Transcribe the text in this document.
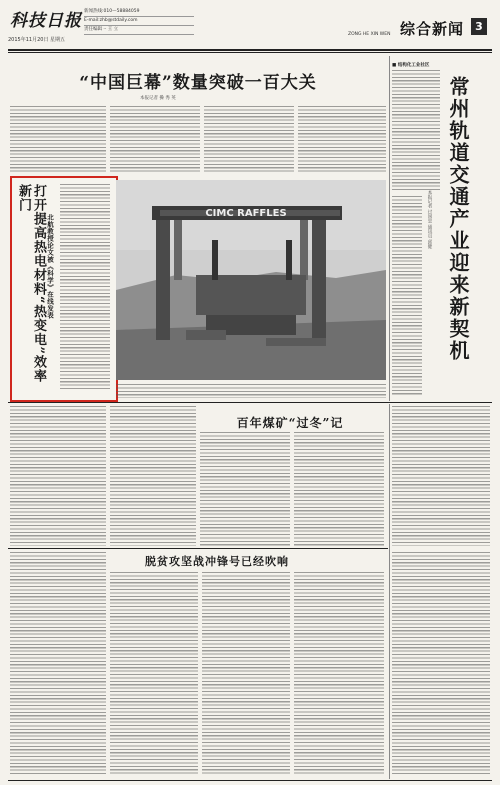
科技日报
2015年11月20日 星期五
新闻热线:010—58884059
E-mail:zhb@stdaily.com
责任编辑 ·· 王 立
ZONG HE XIN WEN 综合新闻	3
“中国巨幕”数量突破一百大关
本报记者 操 秀 英
打开提高热电材料“热变电”效率新门
北航教授论文被《科学》在线发表
CIMC RAFFLES
■ 结构化工业社区
常州轨道交通产业迎来新契机
本报记者 过国忠 通讯员 邱健
百年煤矿“过冬”记
脱贫攻坚战冲锋号已经吹响
